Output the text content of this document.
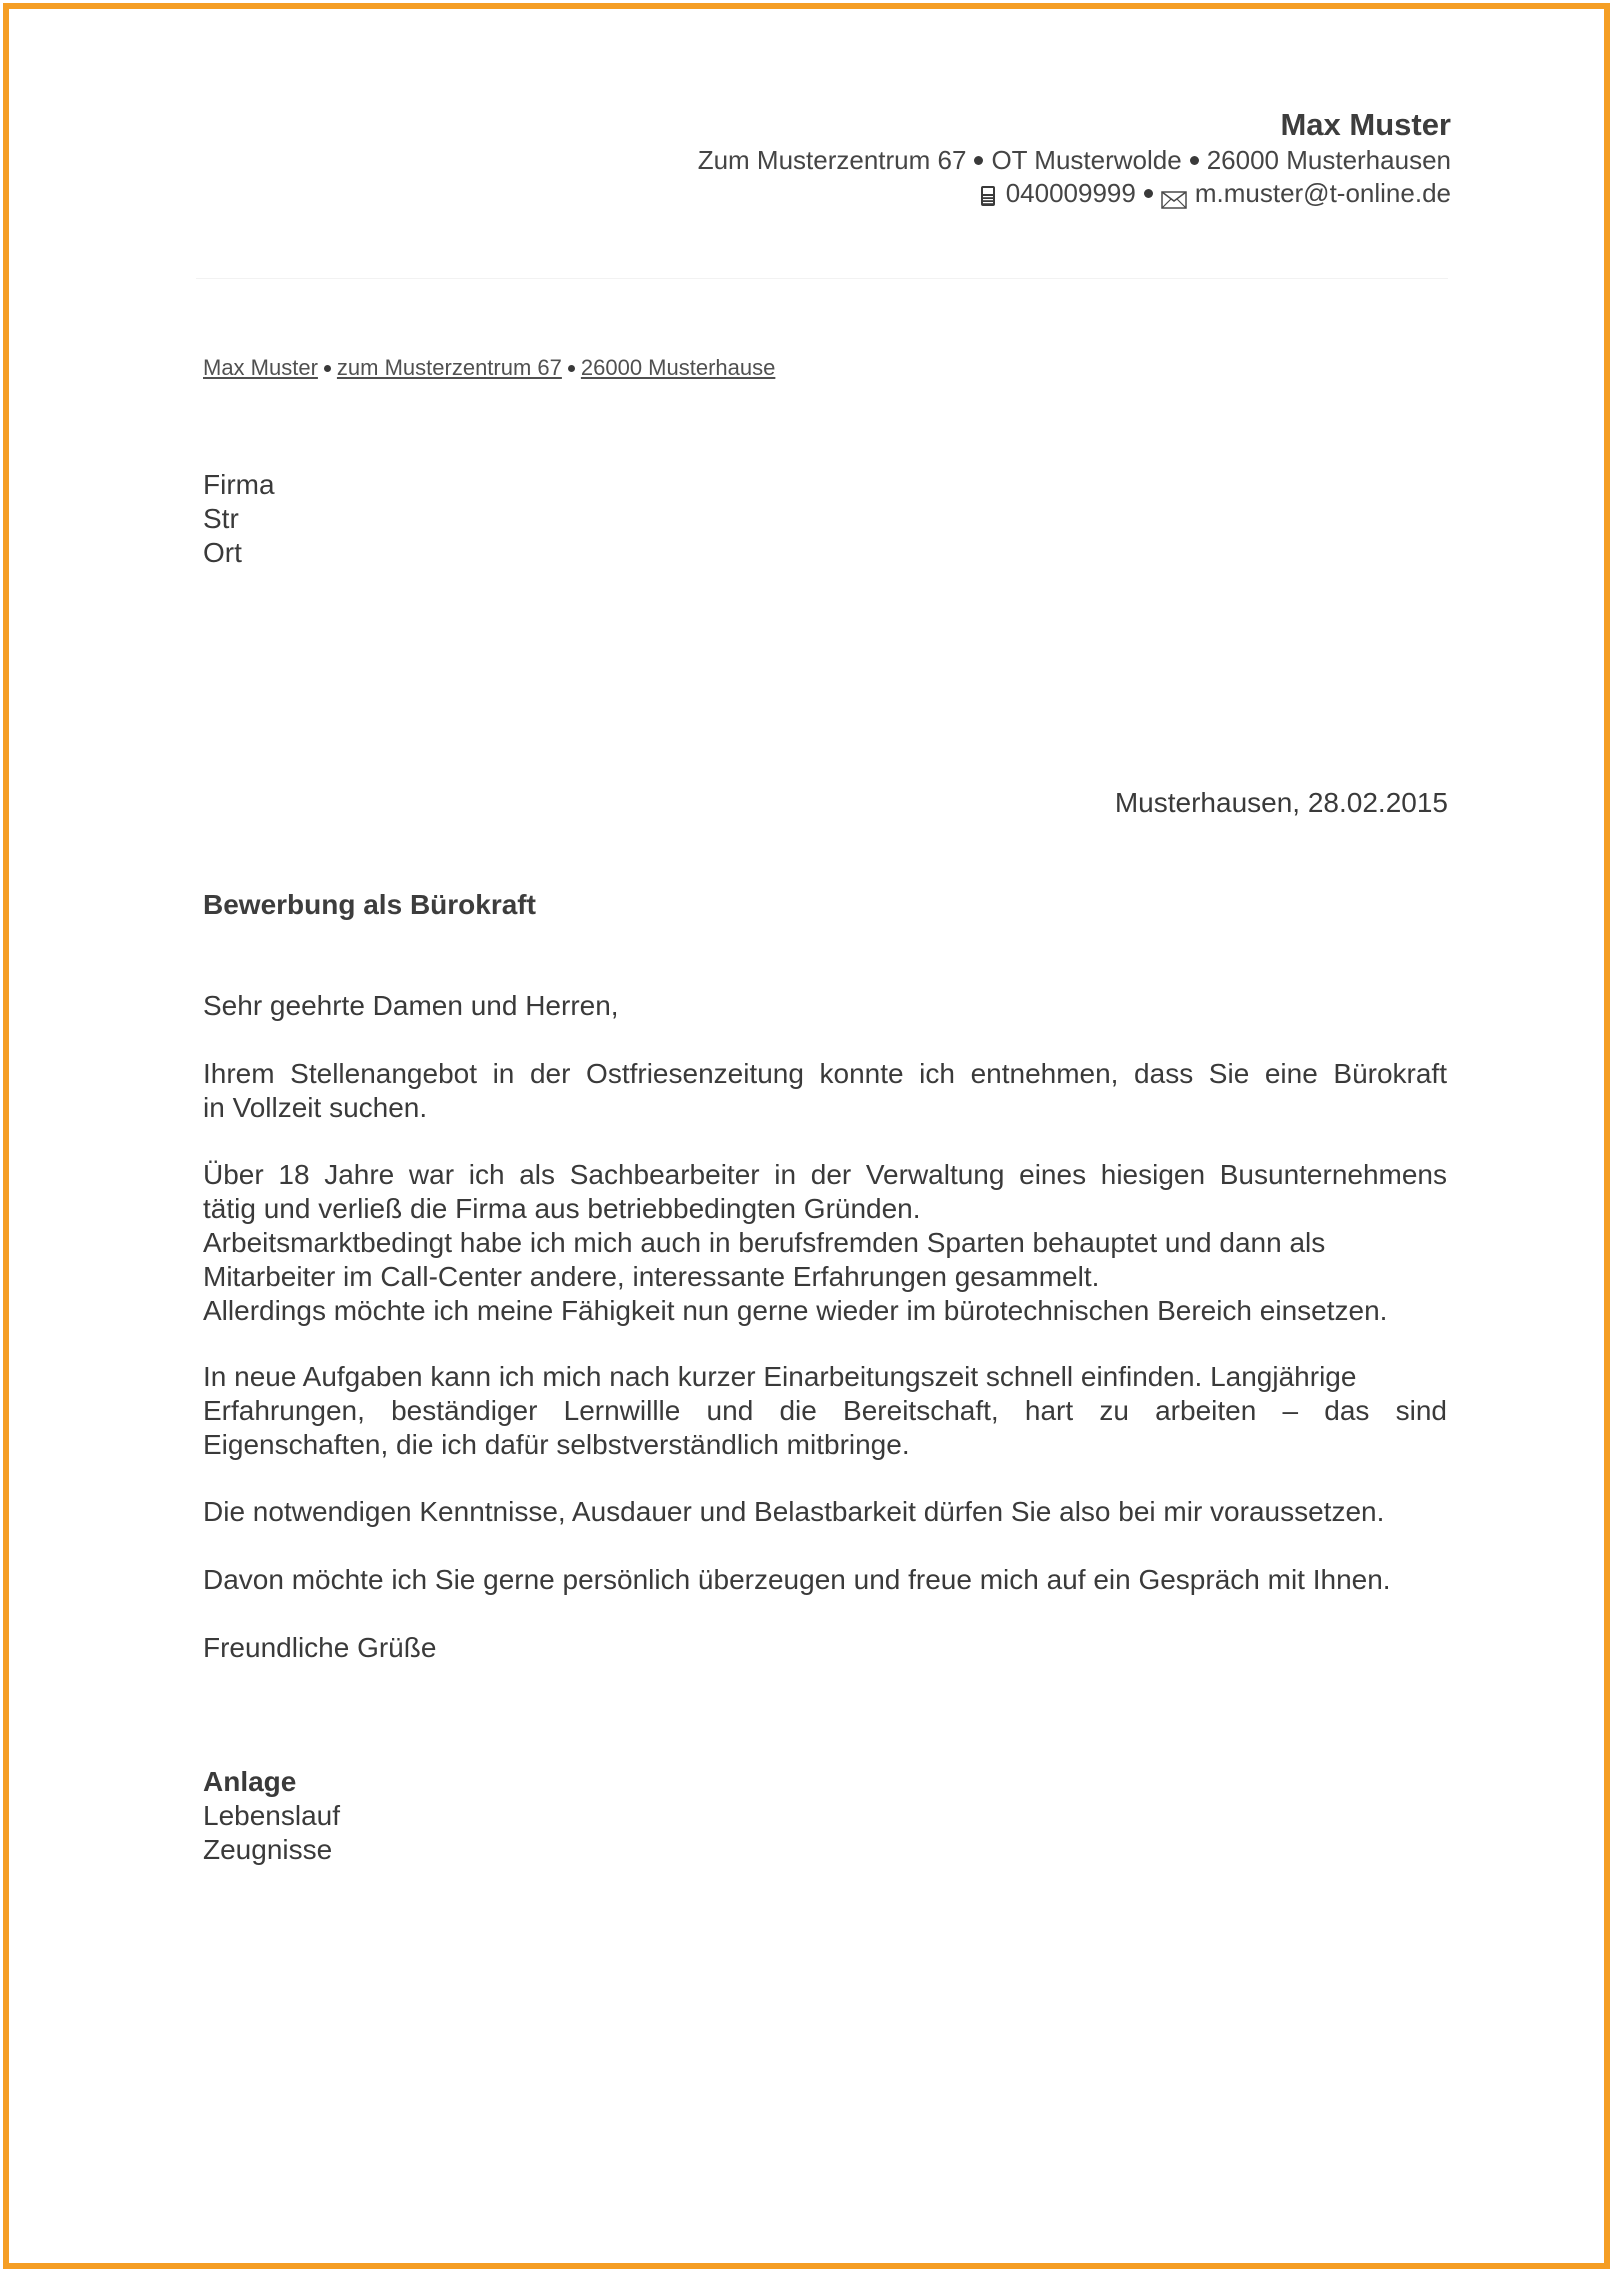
Max Muster
Zum Musterzentrum 67 OT Musterwolde 26000 Musterhausen
040009999 m.muster@t-online.de
Max Muster zum Musterzentrum 67 26000 Musterhause
Firma
Str
Ort
Musterhausen, 28.02.2015
Bewerbung als Bürokraft

Sehr geehrte Damen und Herren,

Ihrem Stellenangebot in der Ostfriesenzeitung konnte ich entnehmen, dass Sie eine Bürokraft

in Vollzeit suchen.

Über 18 Jahre war ich als Sachbearbeiter in der Verwaltung eines hiesigen Busunternehmens

tätig und verließ die Firma aus betriebbedingten Gründen.

Arbeitsmarktbedingt habe ich mich auch in berufsfremden Sparten behauptet und dann als

Mitarbeiter im Call-Center andere, interessante Erfahrungen gesammelt.

Allerdings möchte ich meine Fähigkeit nun gerne wieder im bürotechnischen Bereich einsetzen.

In neue Aufgaben kann ich mich nach kurzer Einarbeitungszeit schnell einfinden. Langjährige

Erfahrungen, beständiger Lernwillle und die Bereitschaft, hart zu arbeiten – das sind

Eigenschaften, die ich dafür selbstverständlich mitbringe.

Die notwendigen Kenntnisse, Ausdauer und Belastbarkeit dürfen Sie also bei mir voraussetzen.

Davon möchte ich Sie gerne persönlich überzeugen und freue mich auf ein Gespräch mit Ihnen.

Freundliche Grüße

Anlage
Lebenslauf
Zeugnisse
